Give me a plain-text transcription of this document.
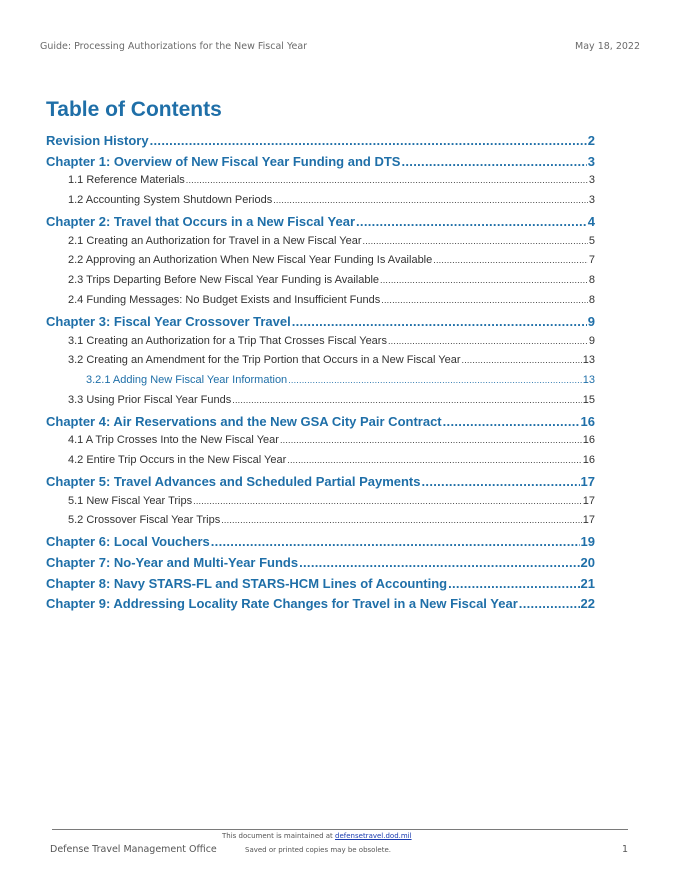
Guide: Processing Authorizations for the New Fiscal Year	May 18, 2022
Table of Contents
Revision History .....	2
Chapter 1: Overview of New Fiscal Year Funding and DTS .....	3
1.1 Reference Materials .....	3
1.2 Accounting System Shutdown Periods .....	3
Chapter 2: Travel that Occurs in a New Fiscal Year .....	4
2.1 Creating an Authorization for Travel in a New Fiscal Year .....	5
2.2 Approving an Authorization When New Fiscal Year Funding Is Available .....	7
2.3 Trips Departing Before New Fiscal Year Funding is Available .....	8
2.4 Funding Messages: No Budget Exists and Insufficient Funds .....	8
Chapter 3: Fiscal Year Crossover Travel .....	9
3.1 Creating an Authorization for a Trip That Crosses Fiscal Years .....	9
3.2 Creating an Amendment for the Trip Portion that Occurs in a New Fiscal Year .....	13
3.2.1 Adding New Fiscal Year Information .....	13
3.3 Using Prior Fiscal Year Funds .....	15
Chapter 4: Air Reservations and the New GSA City Pair Contract .....	16
4.1 A Trip Crosses Into the New Fiscal Year .....	16
4.2 Entire Trip Occurs in the New Fiscal Year .....	16
Chapter 5: Travel Advances and Scheduled Partial Payments .....	17
5.1 New Fiscal Year Trips .....	17
5.2 Crossover Fiscal Year Trips .....	17
Chapter 6: Local Vouchers .....	19
Chapter 7: No-Year and Multi-Year Funds .....	20
Chapter 8: Navy STARS-FL and STARS-HCM Lines of Accounting .....	21
Chapter 9: Addressing Locality Rate Changes for Travel in a New Fiscal Year .....	22
Defense Travel Management Office
This document is maintained at defensetravel.dod.mil
Saved or printed copies may be obsolete.	1
